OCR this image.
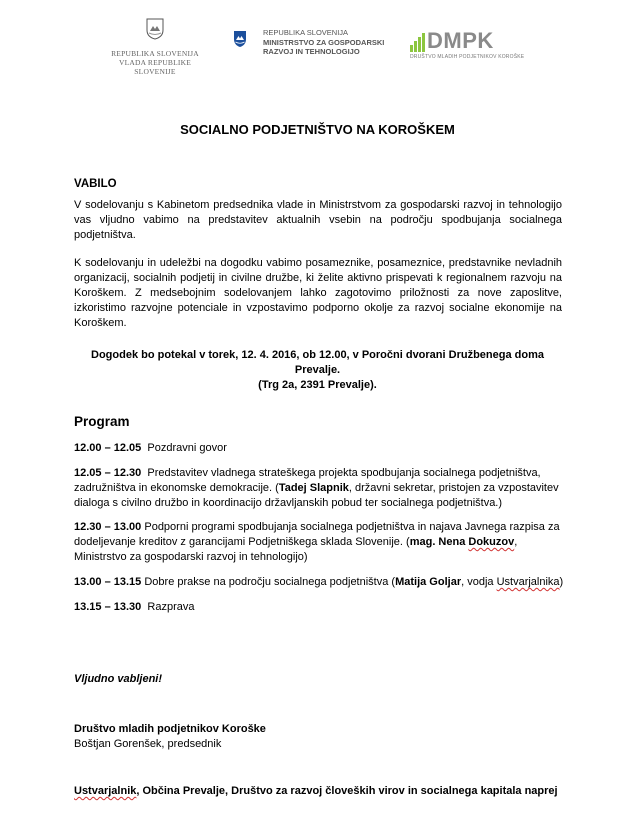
REPUBLIKA SLOVENIJA
VLADA REPUBLIKE SLOVENIJE
REPUBLIKA SLOVENIJA
MINISTRSTVO ZA GOSPODARSKI
RAZVOJ IN TEHNOLOGIJO	DMPK
DRUŠTVO MLADIH PODJETNIKOV KOROŠKE
SOCIALNO PODJETNIŠTVO NA KOROŠKEM
VABILO
V sodelovanju s Kabinetom predsednika vlade in Ministrstvom za gospodarski razvoj in tehnologijo vas vljudno vabimo na predstavitev aktualnih vsebin na področju spodbujanja socialnega podjetništva.
K sodelovanju in udeležbi na dogodku vabimo posameznike, posameznice, predstavnike nevladnih organizacij, socialnih podjetij in civilne družbe, ki želite aktivno prispevati k regionalnem razvoju na Koroškem. Z medsebojnim sodelovanjem lahko zagotovimo priložnosti za nove zaposlitve, izkoristimo razvojne potenciale in vzpostavimo podporno okolje za razvoj socialne ekonomije na Koroškem.
Dogodek bo potekal v torek, 12. 4. 2016, ob 12.00, v Poročni dvorani Družbenega doma Prevalje.
(Trg 2a, 2391 Prevalje).
Program
12.00 – 12.05 Pozdravni govor
12.05 – 12.30 Predstavitev vladnega strateškega projekta spodbujanja socialnega podjetništva, zadružništva in ekonomske demokracije. (Tadej Slapnik, državni sekretar, pristojen za vzpostavitev dialoga s civilno družbo in koordinacijo državljanskih pobud ter socialnega podjetništva.)
12.30 – 13.00 Podporni programi spodbujanja socialnega podjetništva in najava Javnega razpisa za dodeljevanje kreditov z garancijami Podjetniškega sklada Slovenije. (mag. Nena Dokuzov, Ministrstvo za gospodarski razvoj in tehnologijo)
13.00 – 13.15 Dobre prakse na področju socialnega podjetništva (Matija Goljar, vodja Ustvarjalnika)
13.15 – 13.30 Razprava
Vljudno vabljeni!
Društvo mladih podjetnikov Koroške
Boštjan Gorenšek, predsednik
Ustvarjalnik, Občina Prevalje, Društvo za razvoj človeških virov in socialnega kapitala naprej
